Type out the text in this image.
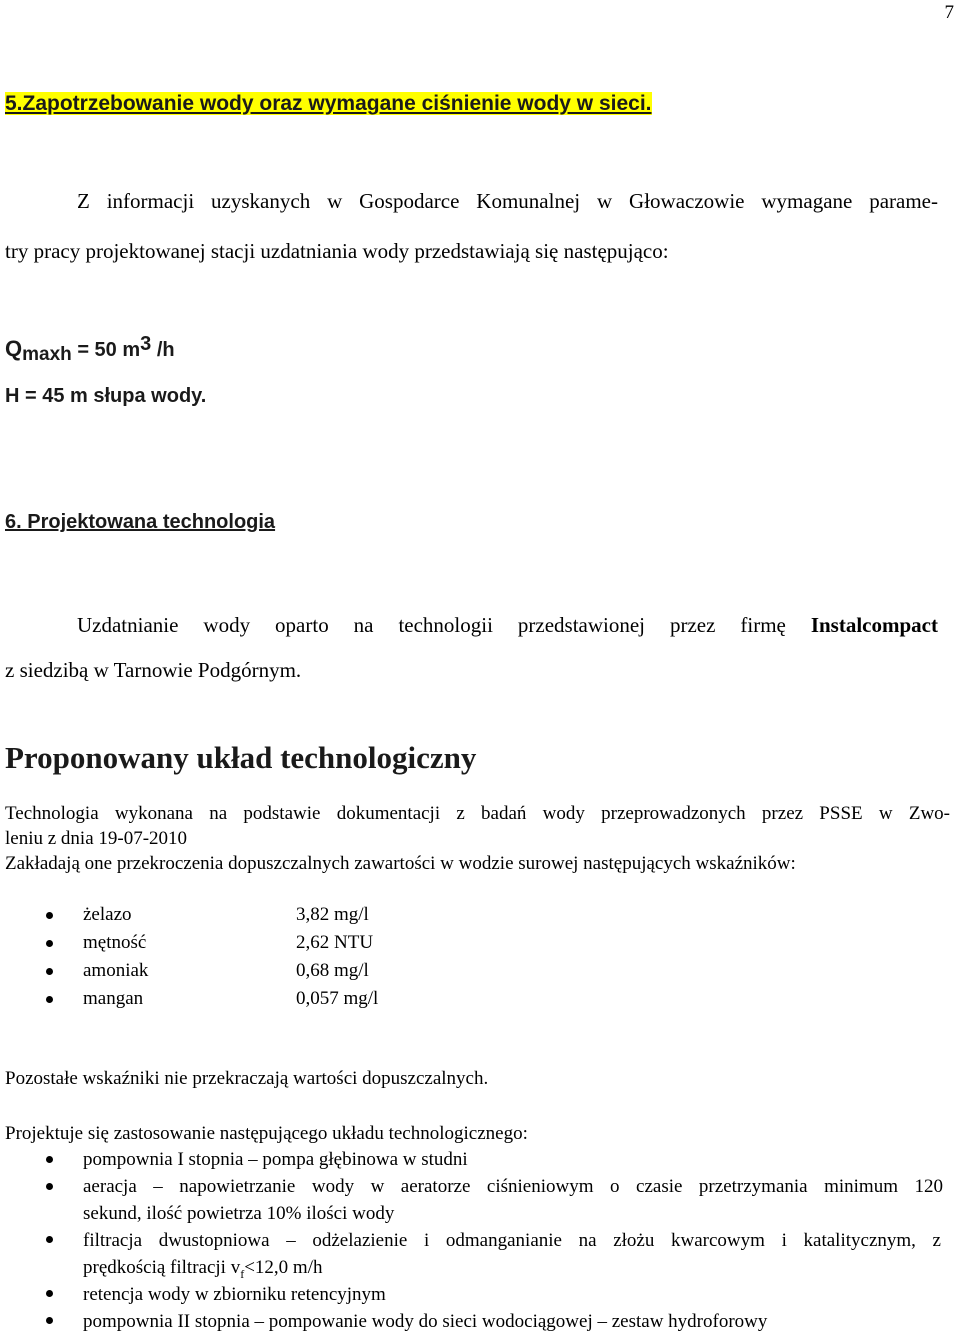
7
5.Zapotrzebowanie wody oraz wymagane ciśnienie wody w sieci.
Z informacji uzyskanych w Gospodarce Komunalnej w Głowaczowie wymagane parame-
try pracy projektowanej stacji uzdatniania wody przedstawiają się następująco:
$Q_{maxh} = 50$ $m^3$ /h
H = 45 m słupa wody.
6. Projektowana technologia
Uzdatnianie wody oparto na technologii przedstawionej przez firmę Instalcompact
z siedzibą w Tarnowie Podgórnym.
Proponowany układ technologiczny
Technologia wykonana na podstawie dokumentacji z badań wody przeprowadzonych przez PSSE w Zwo-
leniu z dnia 19-07-2010
Zakładają one przekroczenia dopuszczalnych zawartości w wodzie surowej następujących wskaźników:
żelazo	3,82 mg/l
mętność	2,62 NTU
amoniak	0,68 mg/l
mangan	0,057 mg/l
Pozostałe wskaźniki nie przekraczają wartości dopuszczalnych.
Projektuje się zastosowanie następującego układu technologicznego:
pompownia I stopnia – pompa głębinowa w studni
aeracja – napowietrzanie wody w aeratorze ciśnieniowym o czasie przetrzymania minimum 120
sekund, ilość powietrza 10% ilości wody
filtracja dwustopniowa – odżelazienie i odmanganianie na złożu kwarcowym i katalitycznym, z
prędkością filtracji $v_f<12,0$ m/h
retencja wody w zbiorniku retencyjnym
pompownia II stopnia – pompowanie wody do sieci wodociągowej – zestaw hydroforowy
